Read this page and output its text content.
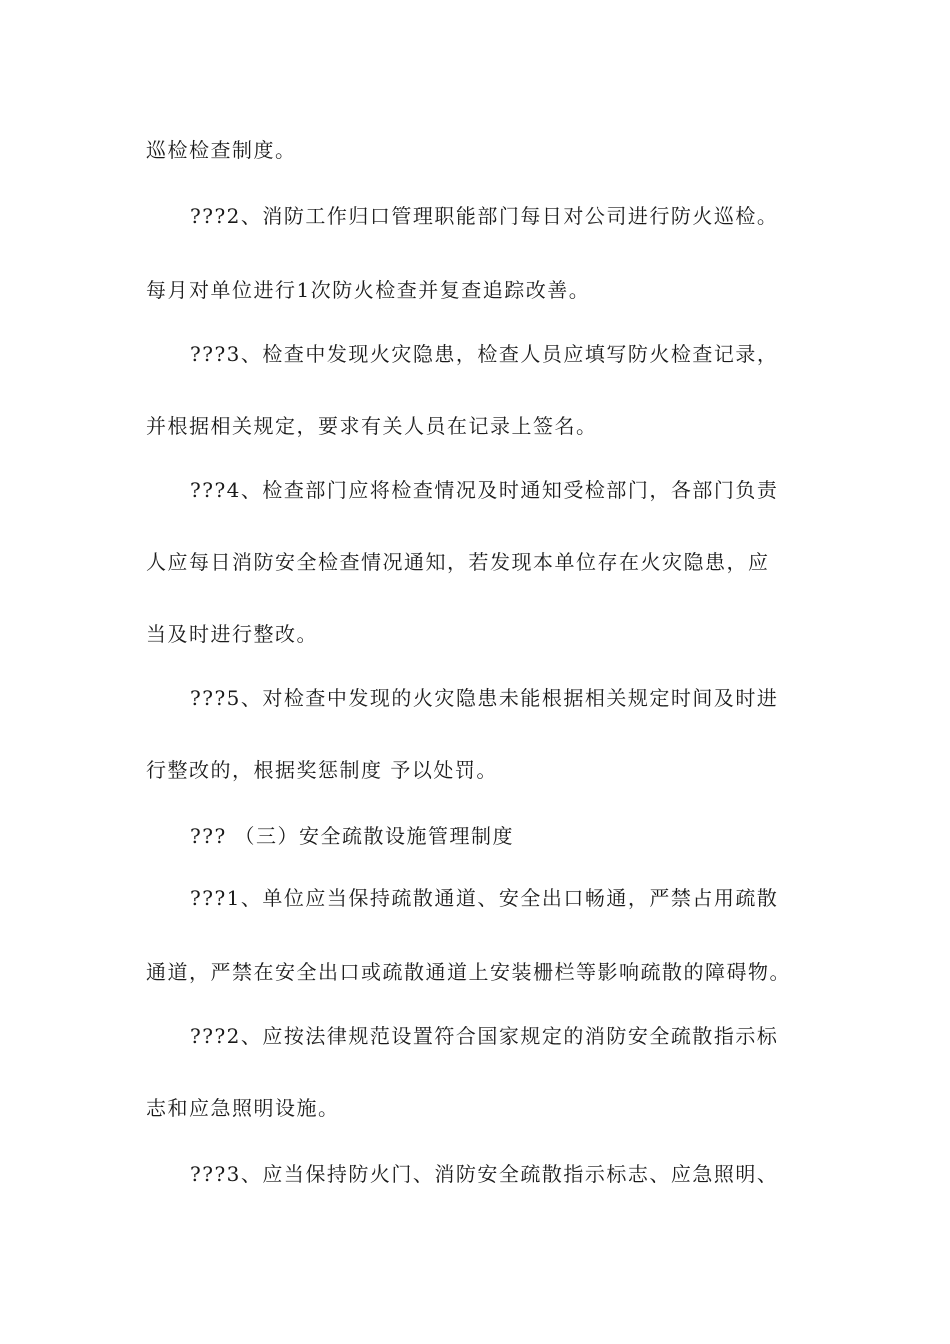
巡检检查制度。
???2、消防工作归口管理职能部门每日对公司进行防火巡检。
每月对单位进行1次防火检查并复查追踪改善。
???3、检查中发现火灾隐患，检查人员应填写防火检查记录，
并根据相关规定，要求有关人员在记录上签名。
???4、检查部门应将检查情况及时通知受检部门，各部门负责
人应每日消防安全检查情况通知，若发现本单位存在火灾隐患，应
当及时进行整改。
???5、对检查中发现的火灾隐患未能根据相关规定时间及时进
行整改的，根据奖惩制度 予以处罚。
??? （三）安全疏散设施管理制度
???1、单位应当保持疏散通道、安全出口畅通，严禁占用疏散
通道，严禁在安全出口或疏散通道上安装栅栏等影响疏散的障碍物。
???2、应按法律规范设置符合国家规定的消防安全疏散指示标
志和应急照明设施。
???3、应当保持防火门、消防安全疏散指示标志、应急照明、
